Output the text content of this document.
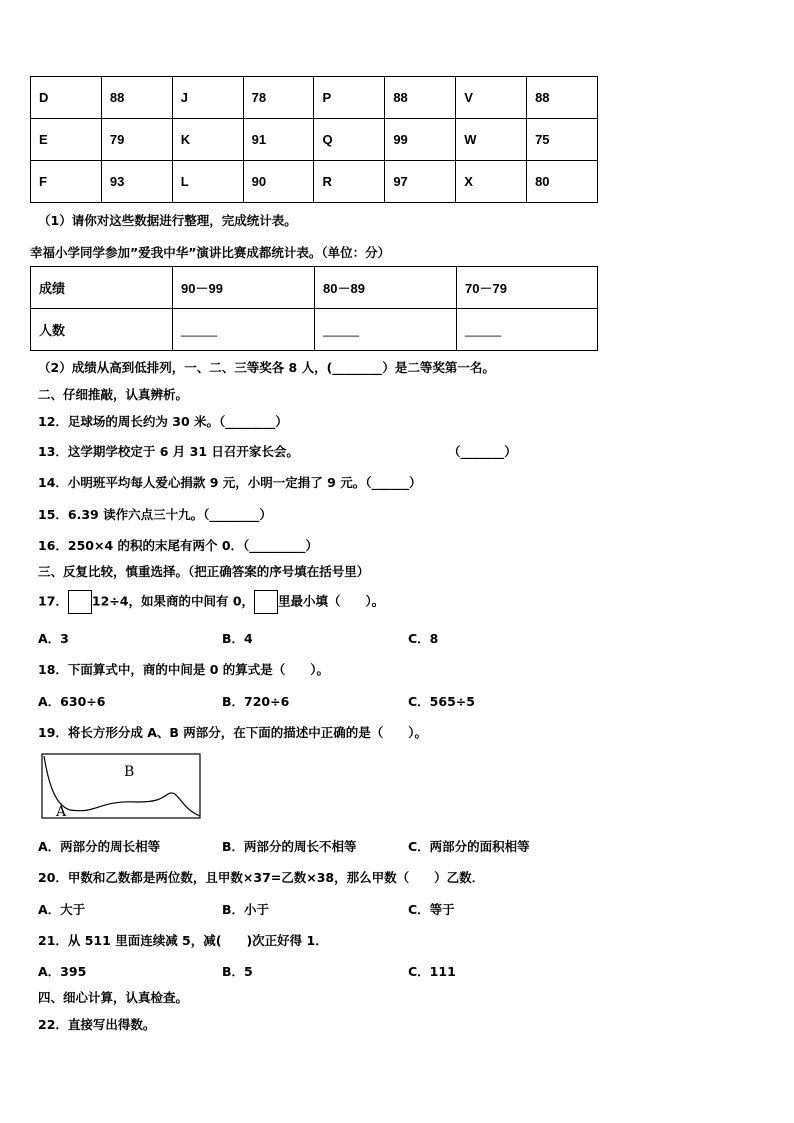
D	88	J	78	P	88	V	88
E	79	K	91	Q	99	W	75
F	93	L	90	R	97	X	80
（1）请你对这些数据进行整理，完成统计表。
幸福小学同学参加”爱我中华”演讲比赛成都统计表。（单位：分）
成绩	90－99	80－89	70－79
人数	_____	_____	_____
（2）成绩从高到低排列，一、二、三等奖各 8 人，(________）是二等奖第一名。
二、仔细推敲，认真辨析。
12．足球场的周长约为 30 米。（________）
13．这学期学校定于 6 月 31 日召开家长会。	（_______）
14．小明班平均每人爱心捐款 9 元，小明一定捐了 9 元。（______）
15．6.39 读作六点三十九。（________）
16．250×4 的积的末尾有两个 0．（_________）
三、反复比较，慎重选择。（把正确答案的序号填在括号里）
17． 12÷4，如果商的中间有 0， 里最小填（　　）。
A．3	B．4	C．8
18．下面算式中，商的中间是 0 的算式是（　　）。
A．630÷6	B．720÷6	C．565÷5
19．将长方形分成 A、B 两部分，在下面的描述中正确的是（　　）。
A
B
A．两部分的周长相等	B．两部分的周长不相等	C．两部分的面积相等
20．甲数和乙数都是两位数，且甲数×37=乙数×38，那么甲数（　　）乙数．
A．大于	B．小于	C．等于
21．从 511 里面连续减 5，减(　　)次正好得 1．
A．395	B．5	C．111
四、细心计算，认真检查。
22．直接写出得数。
